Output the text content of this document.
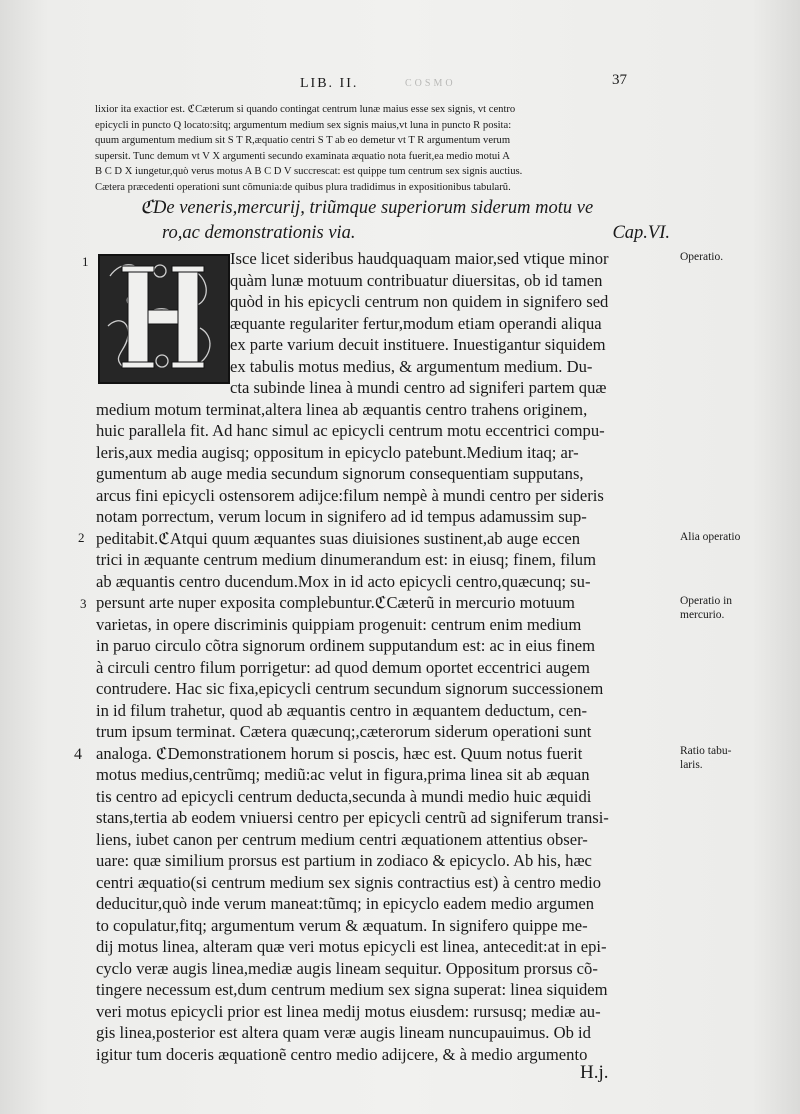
LIB. II.	COSMO	37
lixior ita exactior est. ℭCæterum si quando contingat centrum lunæ maius esse sex signis, vt centro
epicycli in puncto Q locato:sitq; argumentum medium sex signis maius,vt luna in puncto R posita:
quum argumentum medium sit S T R,æquatio centri S T ab eo demetur vt T R argumentum verum
supersit. Tunc demum vt V X argumenti secundo examinata æquatio nota fuerit,ea medio motui A
B C D X iungetur,quò verus motus A B C D V succrescat: est quippe tum centrum sex signis auctius.
Cætera præcedenti operationi sunt cõmunia:de quibus plura tradidimus in expositionibus tabularũ.
ℭDe veneris,mercurij, triũmque superiorum siderum motu ve
ro,ac demonstrationis via.	Cap.VI.
Isce licet sideribus haudquaquam maior,sed vtique minor
quàm lunæ motuum contribuatur diuersitas, ob id tamen
quòd in his epicycli centrum non quidem in signifero sed
æquante regulariter fertur,modum etiam operandi aliqua
ex parte varium decuit instituere. Inuestigantur siquidem
ex tabulis motus medius, & argumentum medium. Du-
cta subinde linea à mundi centro ad signiferi partem quæ
medium motum terminat,altera linea ab æquantis centro trahens originem,
huic parallela fit. Ad hanc simul ac epicycli centrum motu eccentrici compu-
leris,aux media augisq; oppositum in epicyclo patebunt.Medium itaq; ar-
gumentum ab auge media secundum signorum consequentiam supputans,
arcus fini epicycli ostensorem adijce:filum nempè à mundi centro per sideris
notam porrectum, verum locum in signifero ad id tempus adamussim sup-
peditabit.ℭAtqui quum æquantes suas diuisiones sustinent,ab auge eccen
trici in æquante centrum medium dinumerandum est: in eiusq; finem, filum
ab æquantis centro ducendum.Mox in id acto epicycli centro,quæcunq; su-
persunt arte nuper exposita complebuntur.ℭCæterũ in mercurio motuum
varietas, in opere discriminis quippiam progenuit: centrum enim medium
in paruo circulo cõtra signorum ordinem supputandum est: ac in eius finem
à circuli centro filum porrigetur: ad quod demum oportet eccentrici augem
contrudere. Hac sic fixa,epicycli centrum secundum signorum successionem
in id filum trahetur, quod ab æquantis centro in æquantem deductum, cen-
trum ipsum terminat. Cætera quæcunq;,cæterorum siderum operationi sunt
analoga. ℭDemonstrationem horum si poscis, hæc est. Quum notus fuerit
motus medius,centrũmq; mediũ:ac velut in figura,prima linea sit ab æquan
tis centro ad epicycli centrum deducta,secunda à mundi medio huic æquidi
stans,tertia ab eodem vniuersi centro per epicycli centrũ ad signiferum transi-
liens, iubet canon per centrum medium centri æquationem attentius obser-
uare: quæ similium prorsus est partium in zodiaco & epicyclo. Ab his, hæc
centri æquatio(si centrum medium sex signis contractius est) à centro medio
deducitur,quò inde verum maneat:tũmq; in epicyclo eadem medio argumen
to copulatur,fitq; argumentum verum & æquatum. In signifero quippe me-
dij motus linea, alteram quæ veri motus epicycli est linea, antecedit:at in epi-
cyclo veræ augis linea,mediæ augis lineam sequitur. Oppositum prorsus cõ-
tingere necessum est,dum centrum medium sex signa superat: linea siquidem
veri motus epicycli prior est linea medij motus eiusdem: rursusq; mediæ au-
gis linea,posterior est altera quam veræ augis lineam nuncupauimus. Ob id
igitur tum doceris æquationẽ centro medio adijcere, & à medio argumento
1
2
3
4
Operatio.
Alia operatio
Operatio in mercurio.
Ratio tabu-laris.
H.j.
